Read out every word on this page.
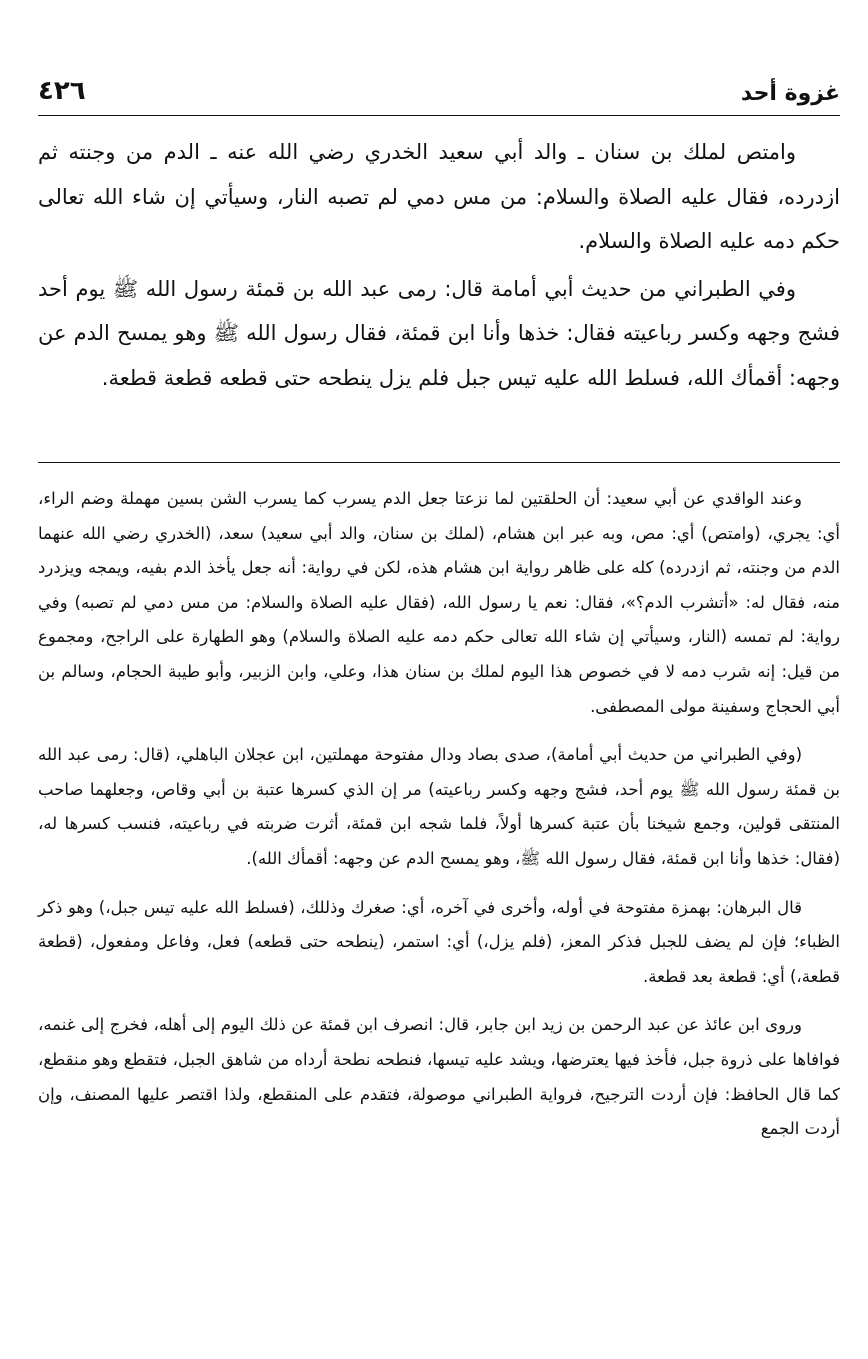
٤٢٦	غزوة أحد

وامتص لملك بن سنان ـ والد أبي سعيد الخدري رضي الله عنه ـ الدم من وجنته ثم ازدرده، فقال عليه الصلاة والسلام: من مس دمي لم تصبه النار، وسيأتي إن شاء الله تعالى حكم دمه عليه الصلاة والسلام.

وفي الطبراني من حديث أبي أمامة قال: رمى عبد الله بن قمئة رسول الله ﷺ يوم أحد فشج وجهه وكسر رباعيته فقال: خذها وأنا ابن قمئة، فقال رسول الله ﷺ وهو يمسح الدم عن وجهه: أقمأك الله، فسلط الله عليه تيس جبل فلم يزل ينطحه حتى قطعه قطعة قطعة.

وعند الواقدي عن أبي سعيد: أن الحلقتين لما نزعتا جعل الدم يسرب كما يسرب الشن بسين مهملة وضم الراء، أي: يجري، (وامتص) أي: مص، وبه عبر ابن هشام، (لملك بن سنان، والد أبي سعيد) سعد، (الخدري رضي الله عنهما الدم من وجنته، ثم ازدرده) كله على ظاهر رواية ابن هشام هذه، لكن في رواية: أنه جعل يأخذ الدم بفيه، ويمجه ويزدرد منه، فقال له: «أتشرب الدم؟»، فقال: نعم يا رسول الله، (فقال عليه الصلاة والسلام: من مس دمي لم تصبه) وفي رواية: لم تمسه (النار، وسيأتي إن شاء الله تعالى حكم دمه عليه الصلاة والسلام) وهو الطهارة على الراجح، ومجموع من قيل: إنه شرب دمه لا في خصوص هذا اليوم لملك بن سنان هذا، وعلي، وابن الزبير، وأبو طيبة الحجام، وسالم بن أبي الحجاج وسفينة مولى المصطفى.

(وفي الطبراني من حديث أبي أمامة)، صدى بصاد ودال مفتوحة مهملتين، ابن عجلان الباهلي، (قال: رمى عبد الله بن قمئة رسول الله ﷺ يوم أحد، فشج وجهه وكسر رباعيته) مر إن الذي كسرها عتبة بن أبي وقاص، وجعلهما صاحب المنتقى قولين، وجمع شيخنا بأن عتبة كسرها أولاً، فلما شجه ابن قمئة، أثرت ضربته في رباعيته، فنسب كسرها له، (فقال: خذها وأنا ابن قمئة، فقال رسول الله ﷺ، وهو يمسح الدم عن وجهه: أقمأك الله).

قال البرهان: بهمزة مفتوحة في أوله، وأخرى في آخره، أي: صغرك وذللك، (فسلط الله عليه تيس جبل،) وهو ذكر الظباء؛ فإن لم يضف للجبل فذكر المعز، (فلم يزل،) أي: استمر، (ينطحه حتى قطعه) فعل، وفاعل ومفعول، (قطعة قطعة،) أي: قطعة بعد قطعة.

وروى ابن عائذ عن عبد الرحمن بن زيد ابن جابر، قال: انصرف ابن قمئة عن ذلك اليوم إلى أهله، فخرج إلى غنمه، فوافاها على ذروة جبل، فأخذ فيها يعترضها، ويشد عليه تيسها، فنطحه نطحة أرداه من شاهق الجبل، فتقطع وهو منقطع، كما قال الحافظ: فإن أردت الترجيح، فرواية الطبراني موصولة، فتقدم على المنقطع، ولذا اقتصر عليها المصنف، وإن أردت الجمع
